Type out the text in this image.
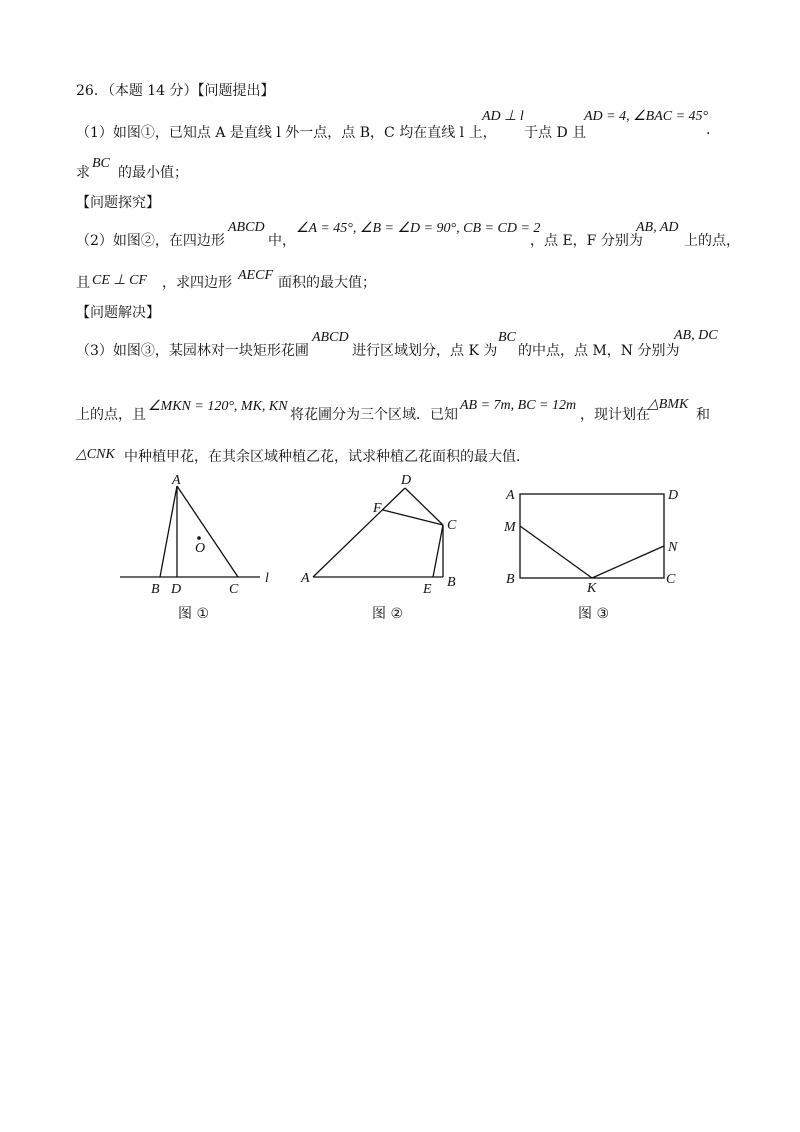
26．（本题 14 分）【问题提出】
（1）如图①，已知点 A 是直线 l 外一点，点 B，C 均在直线 l 上，
AD ⊥ l
于点 D 且
AD = 4, ∠BAC = 45°
.
求
BC
的最小值；
【问题探究】
（2）如图②，在四边形
ABCD
中，
∠A = 45°, ∠B = ∠D = 90°, CB = CD = 2
，点 E，F 分别为
AB, AD
上的点，
且 CE ⊥ CF ，求四边形 AECF 面积的最大值；
【问题解决】
（3）如图③，某园林对一块矩形花圃
ABCD
进行区域划分，点 K 为
BC
的中点，点 M，N 分别为
AB, DC
上的点，且
∠MKN = 120°, MK, KN
将花圃分为三个区域．已知
AB = 7m, BC = 12m
，现计划在
△BMK
和
△CNK 中种植甲花，在其余区域种植乙花，试求种植乙花面积的最大值．
A
O
B D	C
l
图 ①
D
F
C
A
E B
图 ②
A	D
M
N
B
K
C
图 ③
